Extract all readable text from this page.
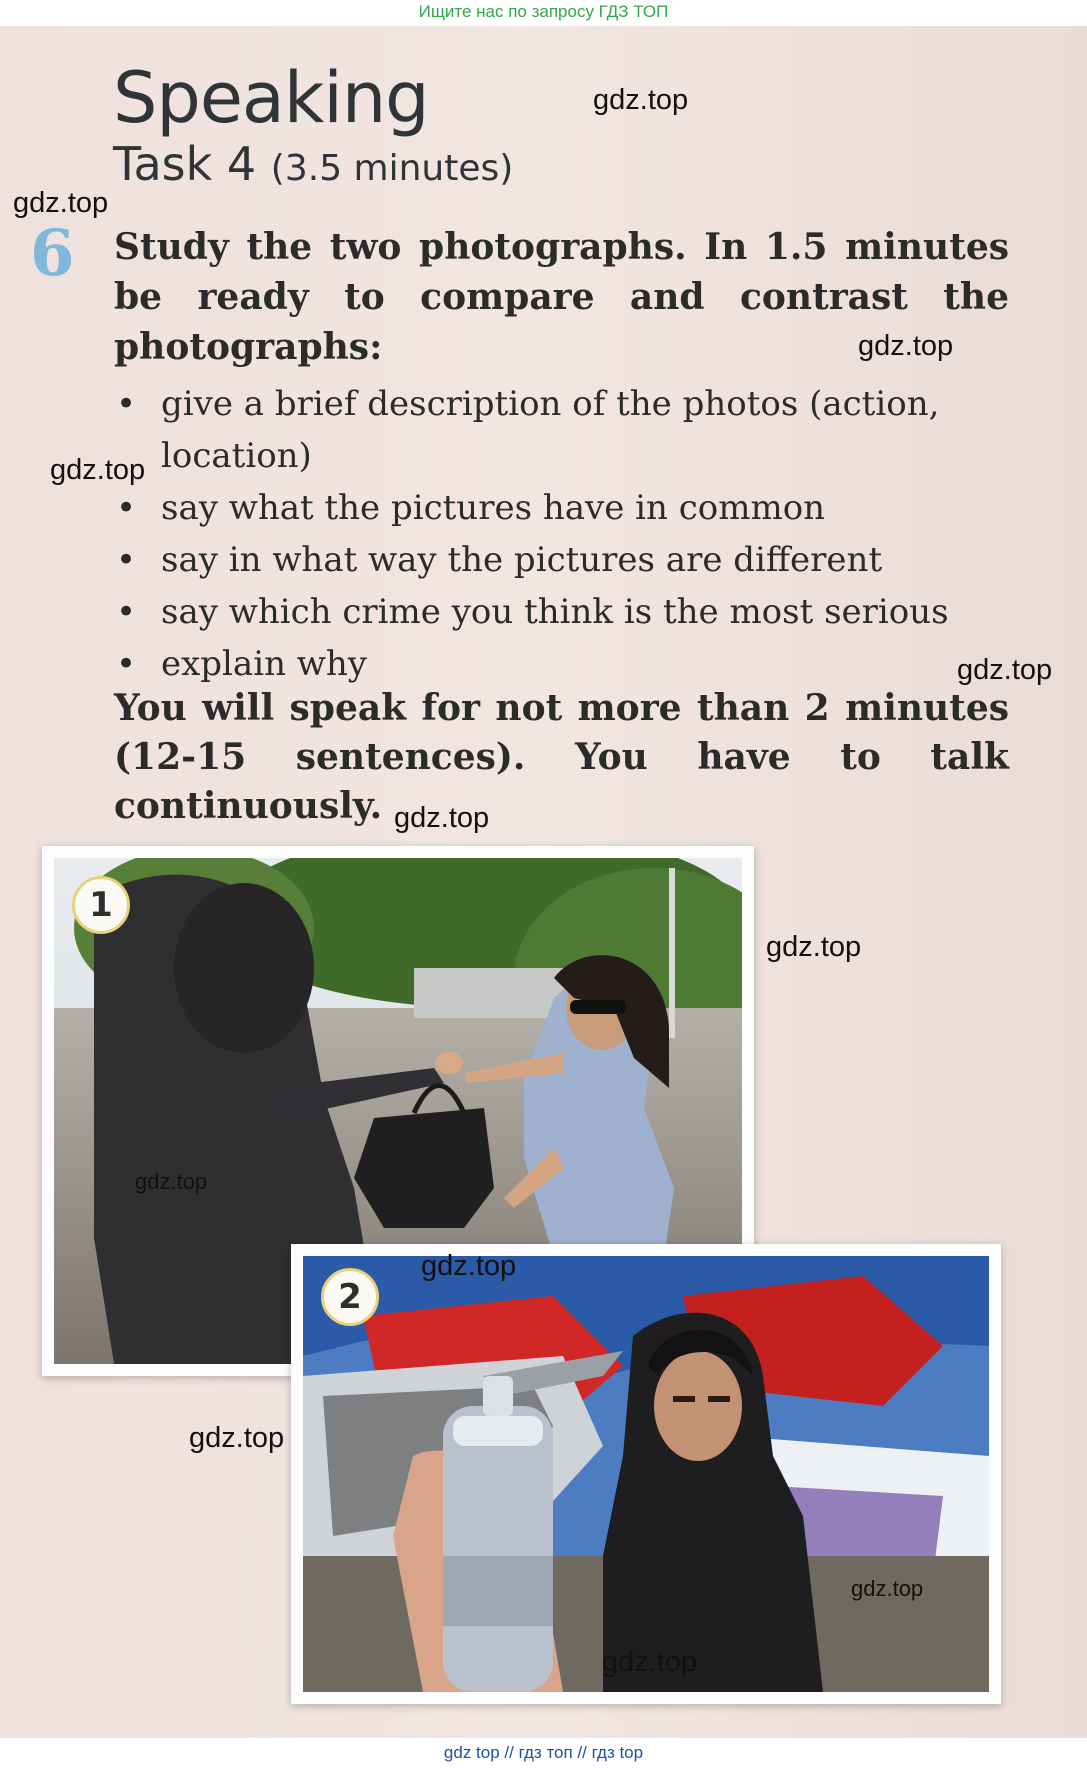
Ищите нас по запросу ГДЗ ТОП
Speaking
Task 4 (3.5 minutes)
6 Study the two photographs. In 1.5 minutes be ready to compare and contrast the photographs:
• give a brief description of the photos (action, location)
• say what the pictures have in common
• say in what way the pictures are different
• say which crime you think is the most serious
• explain why
You will speak for not more than 2 minutes (12-15 sentences). You have to talk continuously.
1
2
gdz.top
gdz.top
gdz.top
gdz.top
gdz.top
gdz.top
gdz.top
gdz.top
gdz.top
gdz.top
gdz.top
gdz.top
gdz top // гдз топ // гдз top
